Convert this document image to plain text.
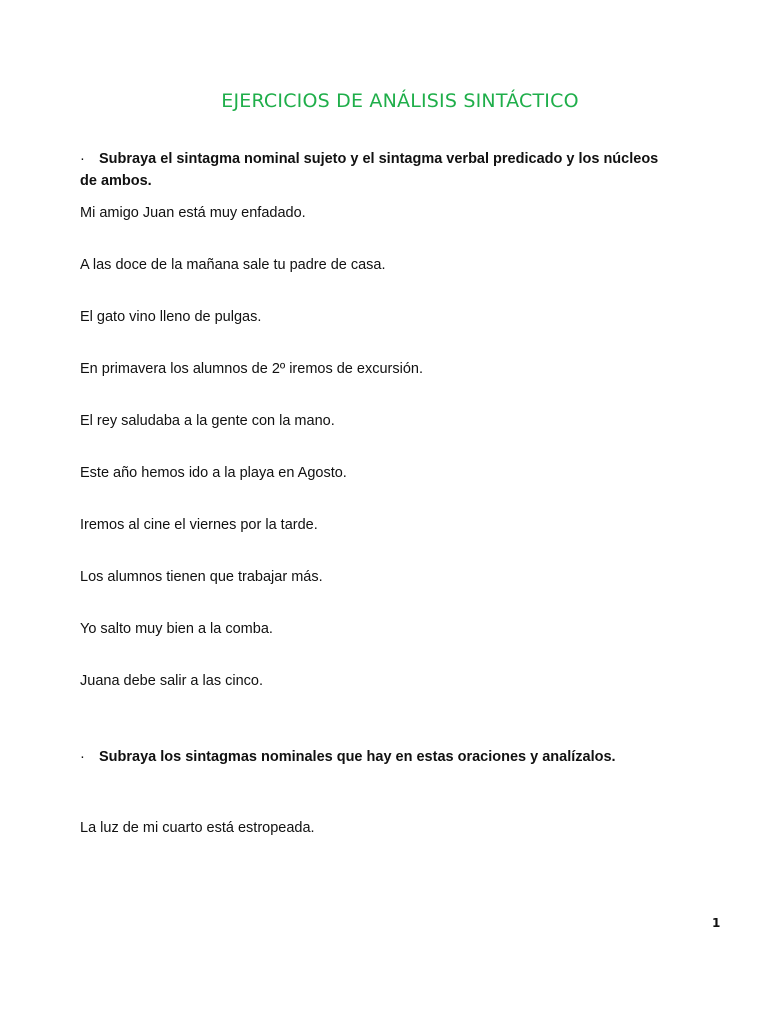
EJERCICIOS DE ANÁLISIS SINTÁCTICO
· Subraya el sintagma nominal sujeto y el sintagma verbal predicado y los núcleos de ambos.
Mi amigo Juan está muy enfadado.
A las doce de la mañana sale tu padre de casa.
El gato vino lleno de pulgas.
En primavera los alumnos de 2º iremos de excursión.
El rey saludaba a la gente con la mano.
Este año hemos ido a la playa en Agosto.
Iremos al cine el viernes por la tarde.
Los alumnos tienen que trabajar más.
Yo salto muy bien a la comba.
Juana debe salir a las cinco.
· Subraya los sintagmas nominales que hay en estas oraciones y analízalos.
La luz de mi cuarto está estropeada.
1
